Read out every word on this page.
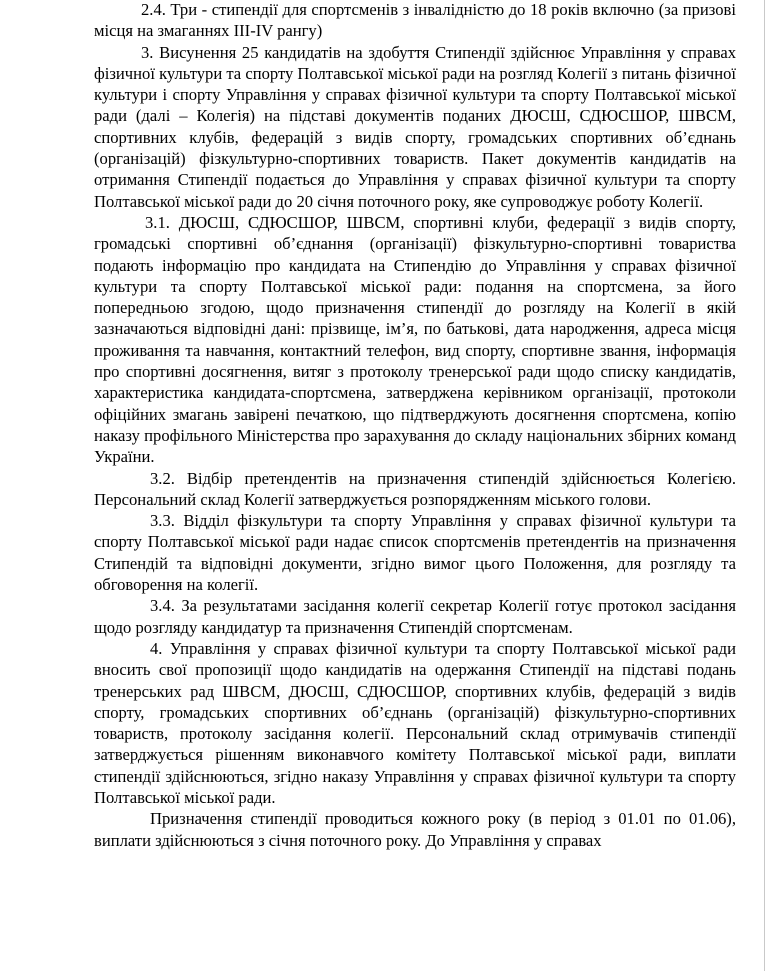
2.4. Три - стипендії для спортсменів з інвалідністю до 18 років включно (за призові місця на змаганнях ІІІ-ІV рангу)

3. Висунення 25 кандидатів на здобуття Стипендії здійснює Управління у справах фізичної культури та спорту Полтавської міської ради на розгляд Колегії з питань фізичної культури і спорту Управління у справах фізичної культури та спорту Полтавської міської ради (далі – Колегія) на підставі документів поданих ДЮСШ, СДЮСШОР, ШВСМ, спортивних клубів, федерацій з видів спорту, громадських спортивних об’єднань (організацій) фізкультурно-спортивних товариств. Пакет документів кандидатів на отримання Стипендії подається до Управління у справах фізичної культури та спорту Полтавської міської ради до 20 січня поточного року, яке супроводжує роботу Колегії.

3.1. ДЮСШ, СДЮСШОР, ШВСМ, спортивні клуби, федерації з видів спорту, громадські спортивні об’єднання (організації) фізкультурно-спортивні товариства подають інформацію про кандидата на Стипендію до Управління у справах фізичної культури та спорту Полтавської міської ради: подання на спортсмена, за його попередньою згодою, щодо призначення стипендії до розгляду на Колегії в якій зазначаються відповідні дані: прізвище, ім’я, по батькові, дата народження, адреса місця проживання та навчання, контактний телефон, вид спорту, спортивне звання, інформація про спортивні досягнення, витяг з протоколу тренерської ради щодо списку кандидатів, характеристика кандидата-спортсмена, затверджена керівником організації, протоколи офіційних змагань завірені печаткою, що підтверджують досягнення спортсмена, копію наказу профільного Міністерства про зарахування до складу національних збірних команд України.

3.2. Відбір претендентів на призначення стипендій здійснюється Колегією. Персональний склад Колегії затверджується розпорядженням міського голови.

3.3. Відділ фізкультури та спорту Управління у справах фізичної культури та спорту Полтавської міської ради надає список спортсменів претендентів на призначення Стипендій та відповідні документи, згідно вимог цього Положення, для розгляду та обговорення на колегії.

3.4. За результатами засідання колегії секретар Колегії готує протокол засідання щодо розгляду кандидатур та призначення Стипендій спортсменам.

4. Управління у справах фізичної культури та спорту Полтавської міської ради вносить свої пропозиції щодо кандидатів на одержання Стипендії на підставі подань тренерських рад ШВСМ, ДЮСШ, СДЮСШОР, спортивних клубів, федерацій з видів спорту, громадських спортивних об’єднань (організацій) фізкультурно-спортивних товариств, протоколу засідання колегії. Персональний склад отримувачів стипендії затверджується рішенням виконавчого комітету Полтавської міської ради, виплати стипендії здійснюються, згідно наказу Управління у справах фізичної культури та спорту Полтавської міської ради.

Призначення стипендії проводиться кожного року (в період з 01.01 по 01.06), виплати здійснюються з січня поточного року. До Управління у справах
